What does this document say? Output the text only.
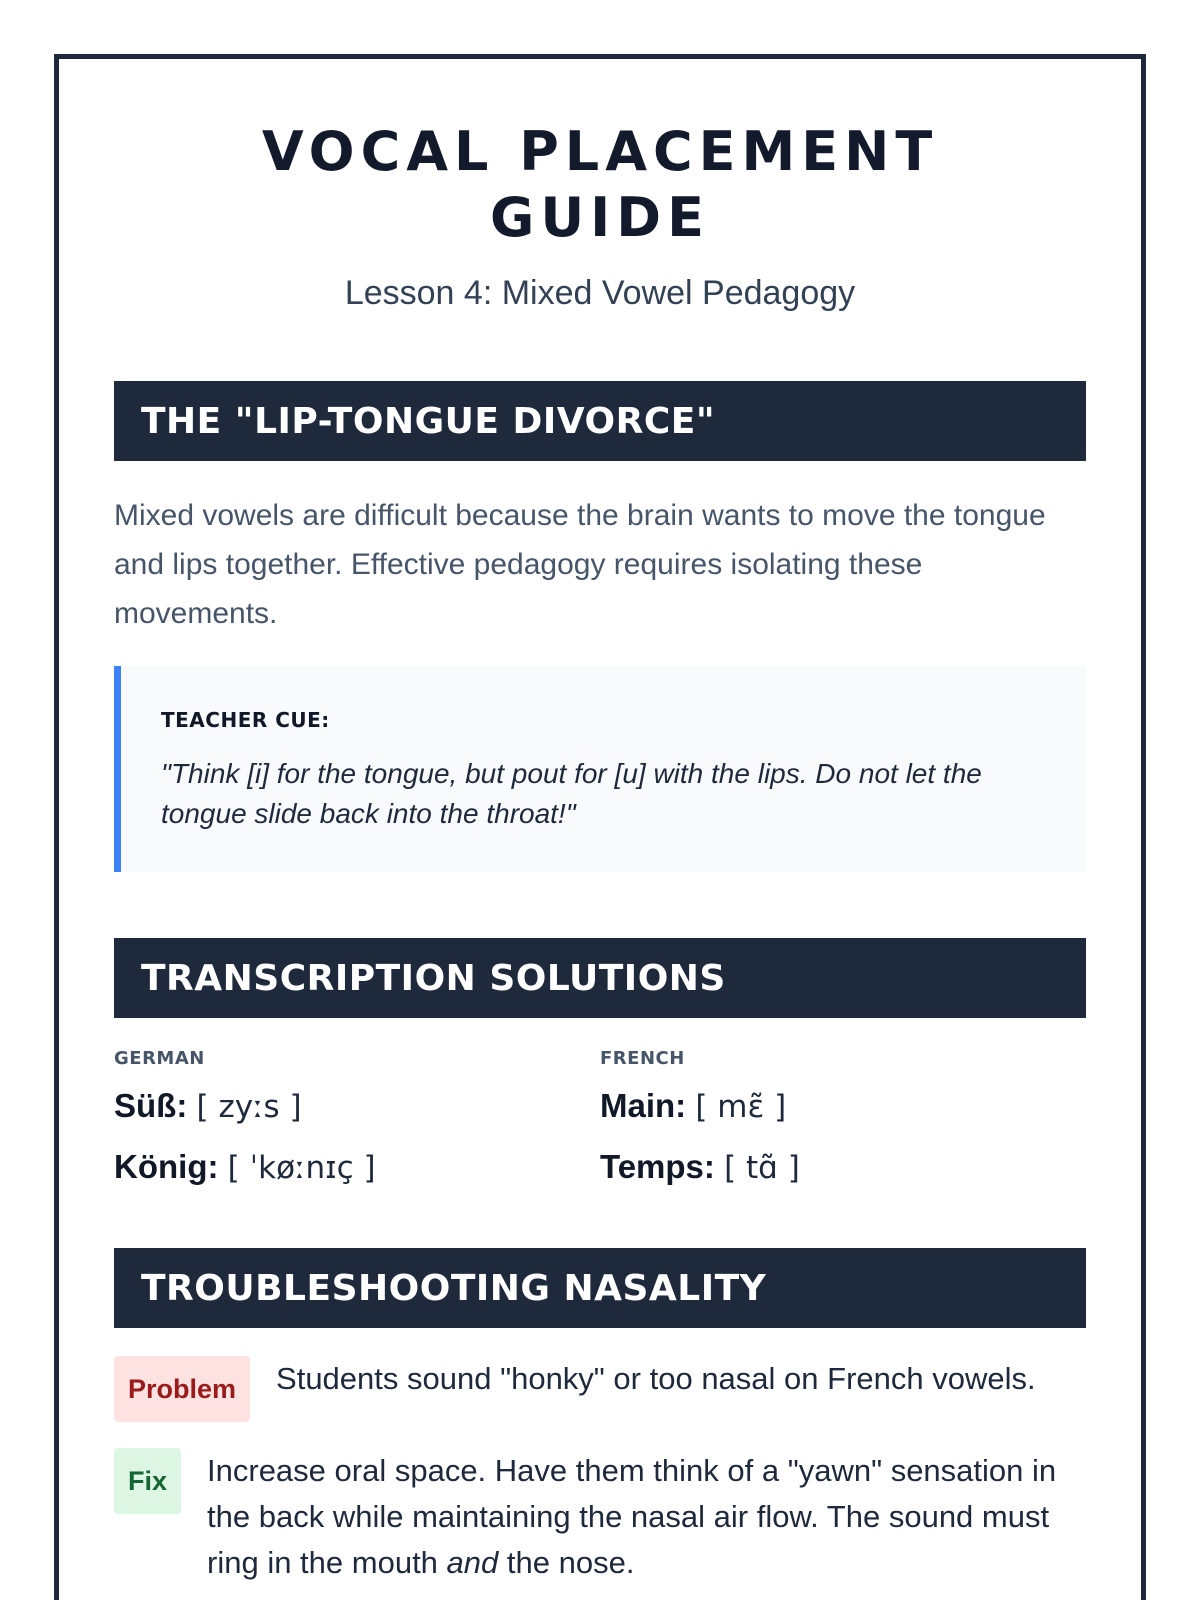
VOCAL PLACEMENT
GUIDE
Lesson 4: Mixed Vowel Pedagogy
THE "LIP-TONGUE DIVORCE"
Mixed vowels are difficult because the brain wants to move the tongue and lips together. Effective pedagogy requires isolating these movements.
TEACHER CUE:
"Think [i] for the tongue, but pout for [u] with the lips. Do not let the tongue slide back into the throat!"
TRANSCRIPTION SOLUTIONS
GERMAN
Süß: [ zyːs ]
König: [ ˈkøːnɪç ]
FRENCH
Main: [ mɛ̃ ]
Temps: [ tɑ̃ ]
TROUBLESHOOTING NASALITY
Problem	Students sound "honky" or too nasal on French vowels.
Fix	Increase oral space. Have them think of a "yawn" sensation in the back while maintaining the nasal air flow. The sound must ring in the mouth and the nose.
